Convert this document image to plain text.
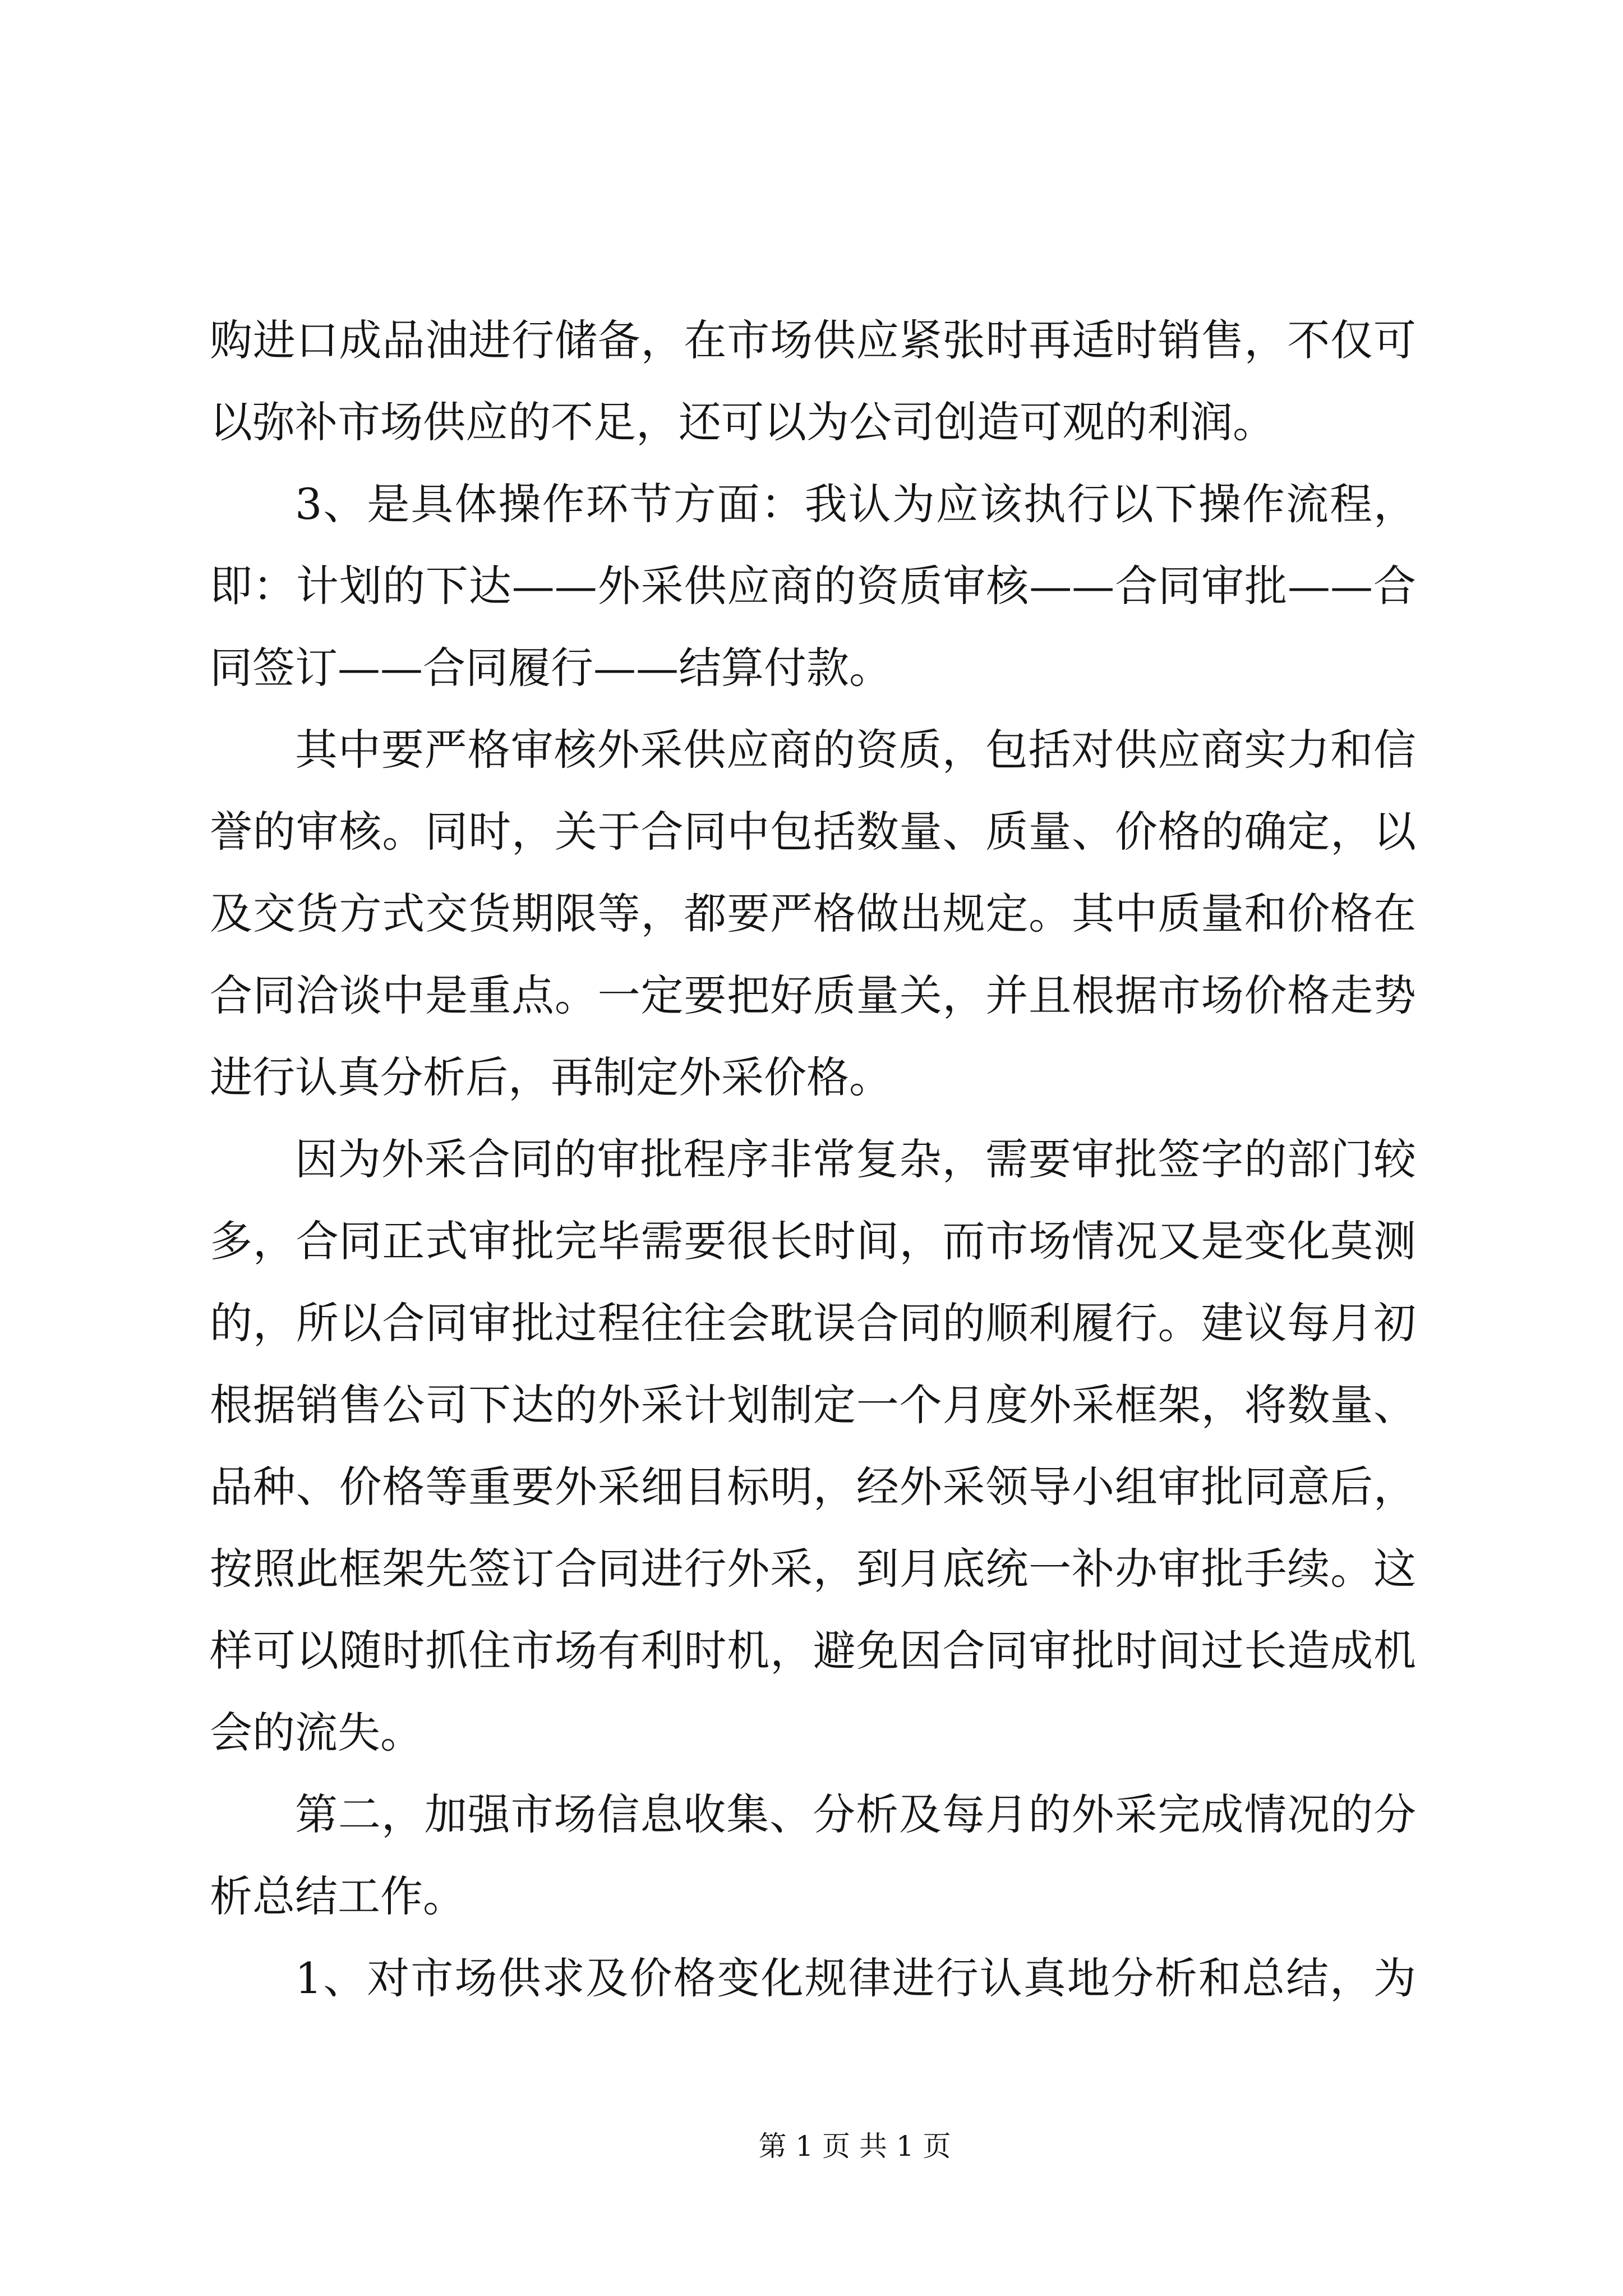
购进口成品油进行储备，在市场供应紧张时再适时销售，不仅可
以弥补市场供应的不足，还可以为公司创造可观的利润。
3、是具体操作环节方面：我认为应该执行以下操作流程，
即：计划的下达——外采供应商的资质审核——合同审批——合
同签订——合同履行——结算付款。
其中要严格审核外采供应商的资质，包括对供应商实力和信
誉的审核。同时，关于合同中包括数量、质量、价格的确定，以
及交货方式交货期限等，都要严格做出规定。其中质量和价格在
合同洽谈中是重点。一定要把好质量关，并且根据市场价格走势
进行认真分析后，再制定外采价格。
因为外采合同的审批程序非常复杂，需要审批签字的部门较
多，合同正式审批完毕需要很长时间，而市场情况又是变化莫测
的，所以合同审批过程往往会耽误合同的顺利履行。建议每月初
根据销售公司下达的外采计划制定一个月度外采框架，将数量、
品种、价格等重要外采细目标明，经外采领导小组审批同意后，
按照此框架先签订合同进行外采，到月底统一补办审批手续。这
样可以随时抓住市场有利时机，避免因合同审批时间过长造成机
会的流失。
第二，加强市场信息收集、分析及每月的外采完成情况的分
析总结工作。
1、对市场供求及价格变化规律进行认真地分析和总结，为
第 1 页 共 1 页
